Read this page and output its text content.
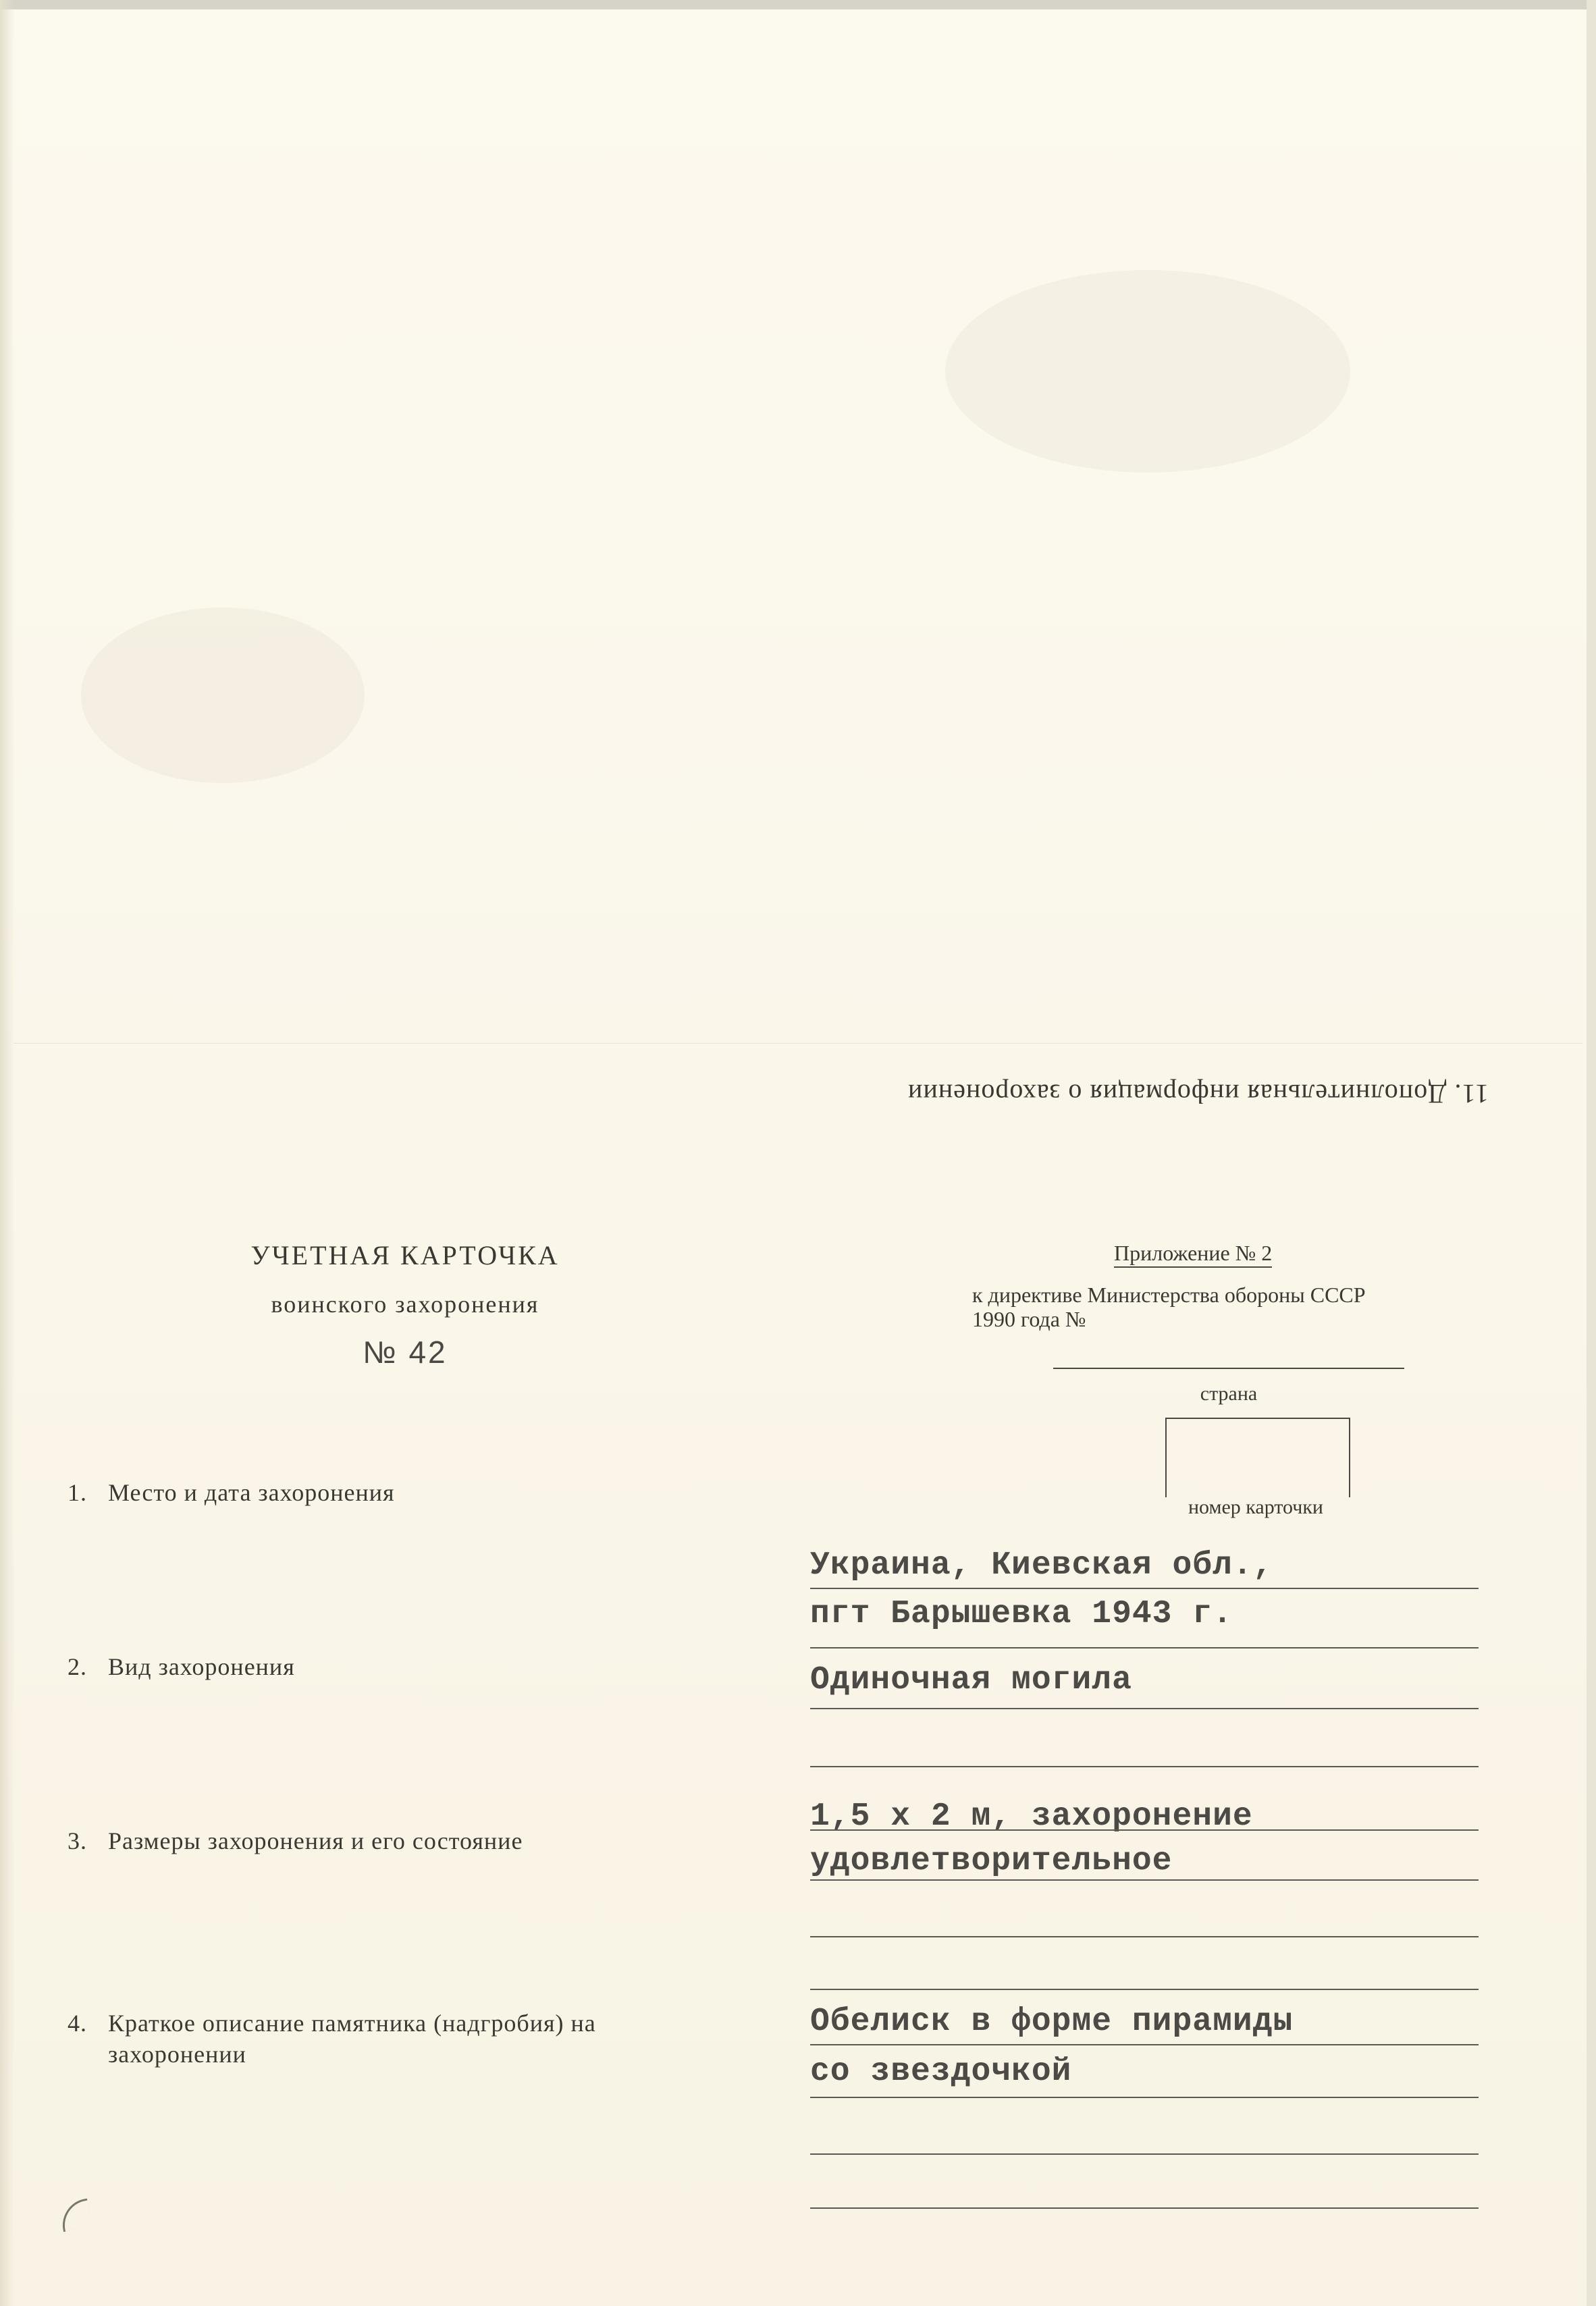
11. Дополнительная информация о захоронении
УЧЕТНАЯ КАРТОЧКА
воинского захоронения
№ 42
Приложение № 2
к директиве Министерства обороны СССР
1990 года №
страна
номер карточки
1. Место и дата захоронения
Украина, Киевская обл.,
пгт Барышевка 1943 г.
2. Вид захоронения	Одиночная могила
3. Размеры захоронения и его состояние
1,5 х 2 м, захоронение
удовлетворительное
4. Краткое описание памятника (надгробия) на
захоронении
Обелиск в форме пирамиды
со звездочкой
